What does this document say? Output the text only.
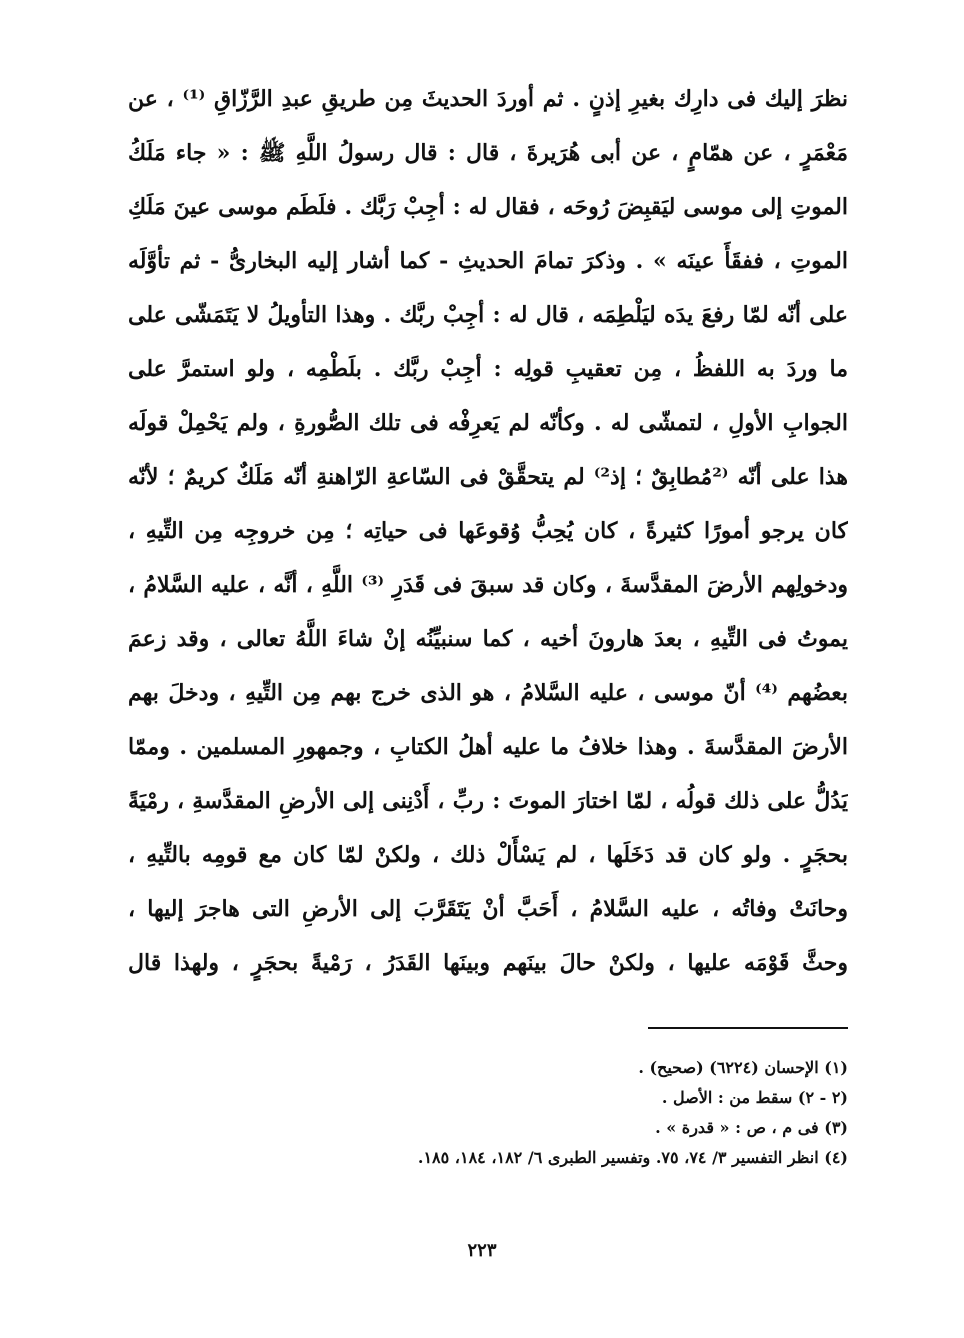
نظرَ إليك فى دارِك بغيرِ إذنٍ . ثم أوردَ الحديثَ مِن طريقِ عبدِ الرَّزّاقِ ⁽¹⁾ ، عن
مَعْمَرٍ ، عن همّامٍ ، عن أبى هُرَيرةَ ، قال : قال رسولُ اللَّهِ ﷺ : « جاء مَلَكُ
الموتِ إلى موسى ليَقبِضَ رُوحَه ، فقال له : أجِبْ رَبَّك . فلَطَم موسى عينَ مَلَكِ
الموتِ ، ففقَأَ عينَه » . وذكرَ تمامَ الحديثِ - كما أشار إليه البخارىُّ - ثم تأوَّلَه
على أنّه لمّا رفعَ يدَه ليَلْطِمَه ، قال له : أجِبْ ربَّك . وهذا التأويلُ لا يَتَمَشّى على
ما وردَ به اللفظُ ، مِن تعقيبِ قولِه : أجِبْ ربَّك . بلَطْمِه ، ولو استمرَّ على
الجوابِ الأولِ ، لتمشّى له . وكأنّه لم يَعرِفْه فى تلك الصُّورةِ ، ولم يَحْمِلْ قولَه
هذا على أنّه ⁽²مُطابِقٌ ؛ إذ²⁾ لم يتحقَّقْ فى السّاعةِ الرّاهنةِ أنّه مَلَكٌ كريمٌ ؛ لأنّه
كان يرجو أمورًا كثيرةً ، كان يُحِبُّ وُقوعَها فى حياتِه ؛ مِن خروجِه مِن التِّيهِ ،
ودخولِهم الأرضَ المقدَّسةَ ، وكان قد سبقَ فى قَدَرِ ⁽³⁾ اللَّهِ ، أنَّه ، عليه السَّلامُ ،
يموتُ فى التِّيهِ ، بعدَ هارونَ أخيه ، كما سنبيِّنُه إنْ شاءَ اللَّهُ تعالى ، وقد زعمَ
بعضُهم ⁽⁴⁾ أنّ موسى ، عليه السَّلامُ ، هو الذى خرج بهم مِن التِّيهِ ، ودخلَ بهم
الأرضَ المقدَّسةَ . وهذا خلافُ ما عليه أهلُ الكتابِ ، وجمهورِ المسلمين . وممّا
يَدُلُّ على ذلك قولُه ، لمّا اختارَ الموتَ : ربِّ ، أَدْنِنى إلى الأرضِ المقدَّسةِ ، رمْيَةً
بحجَرٍ . ولو كان قد دَخَلَها ، لم يَسْأَلْ ذلك ، ولكنْ لمّا كان مع قومِه بالتِّيهِ ،
وحانَتْ وفاتُه ، عليه السَّلامُ ، أَحَبَّ أنْ يَتَقَرَّبَ إلى الأرضِ التى هاجرَ إليها ،
وحثَّ قَوْمَه عليها ، ولكنْ حالَ بينَهم وبينَها القَدَرُ ، رَمْيةً بحجَرٍ ، ولهذا قال
(١) الإحسان (٦٢٢٤) (صحيح) .
(٢ - ٢) سقط من : الأصل .
(٣) فى م ، ص : « قدرة » .
(٤) انظر التفسير ٣/ ٧٤، ٧٥. وتفسير الطبرى ٦/ ١٨٢، ١٨٤، ١٨٥.
٢٢٣
